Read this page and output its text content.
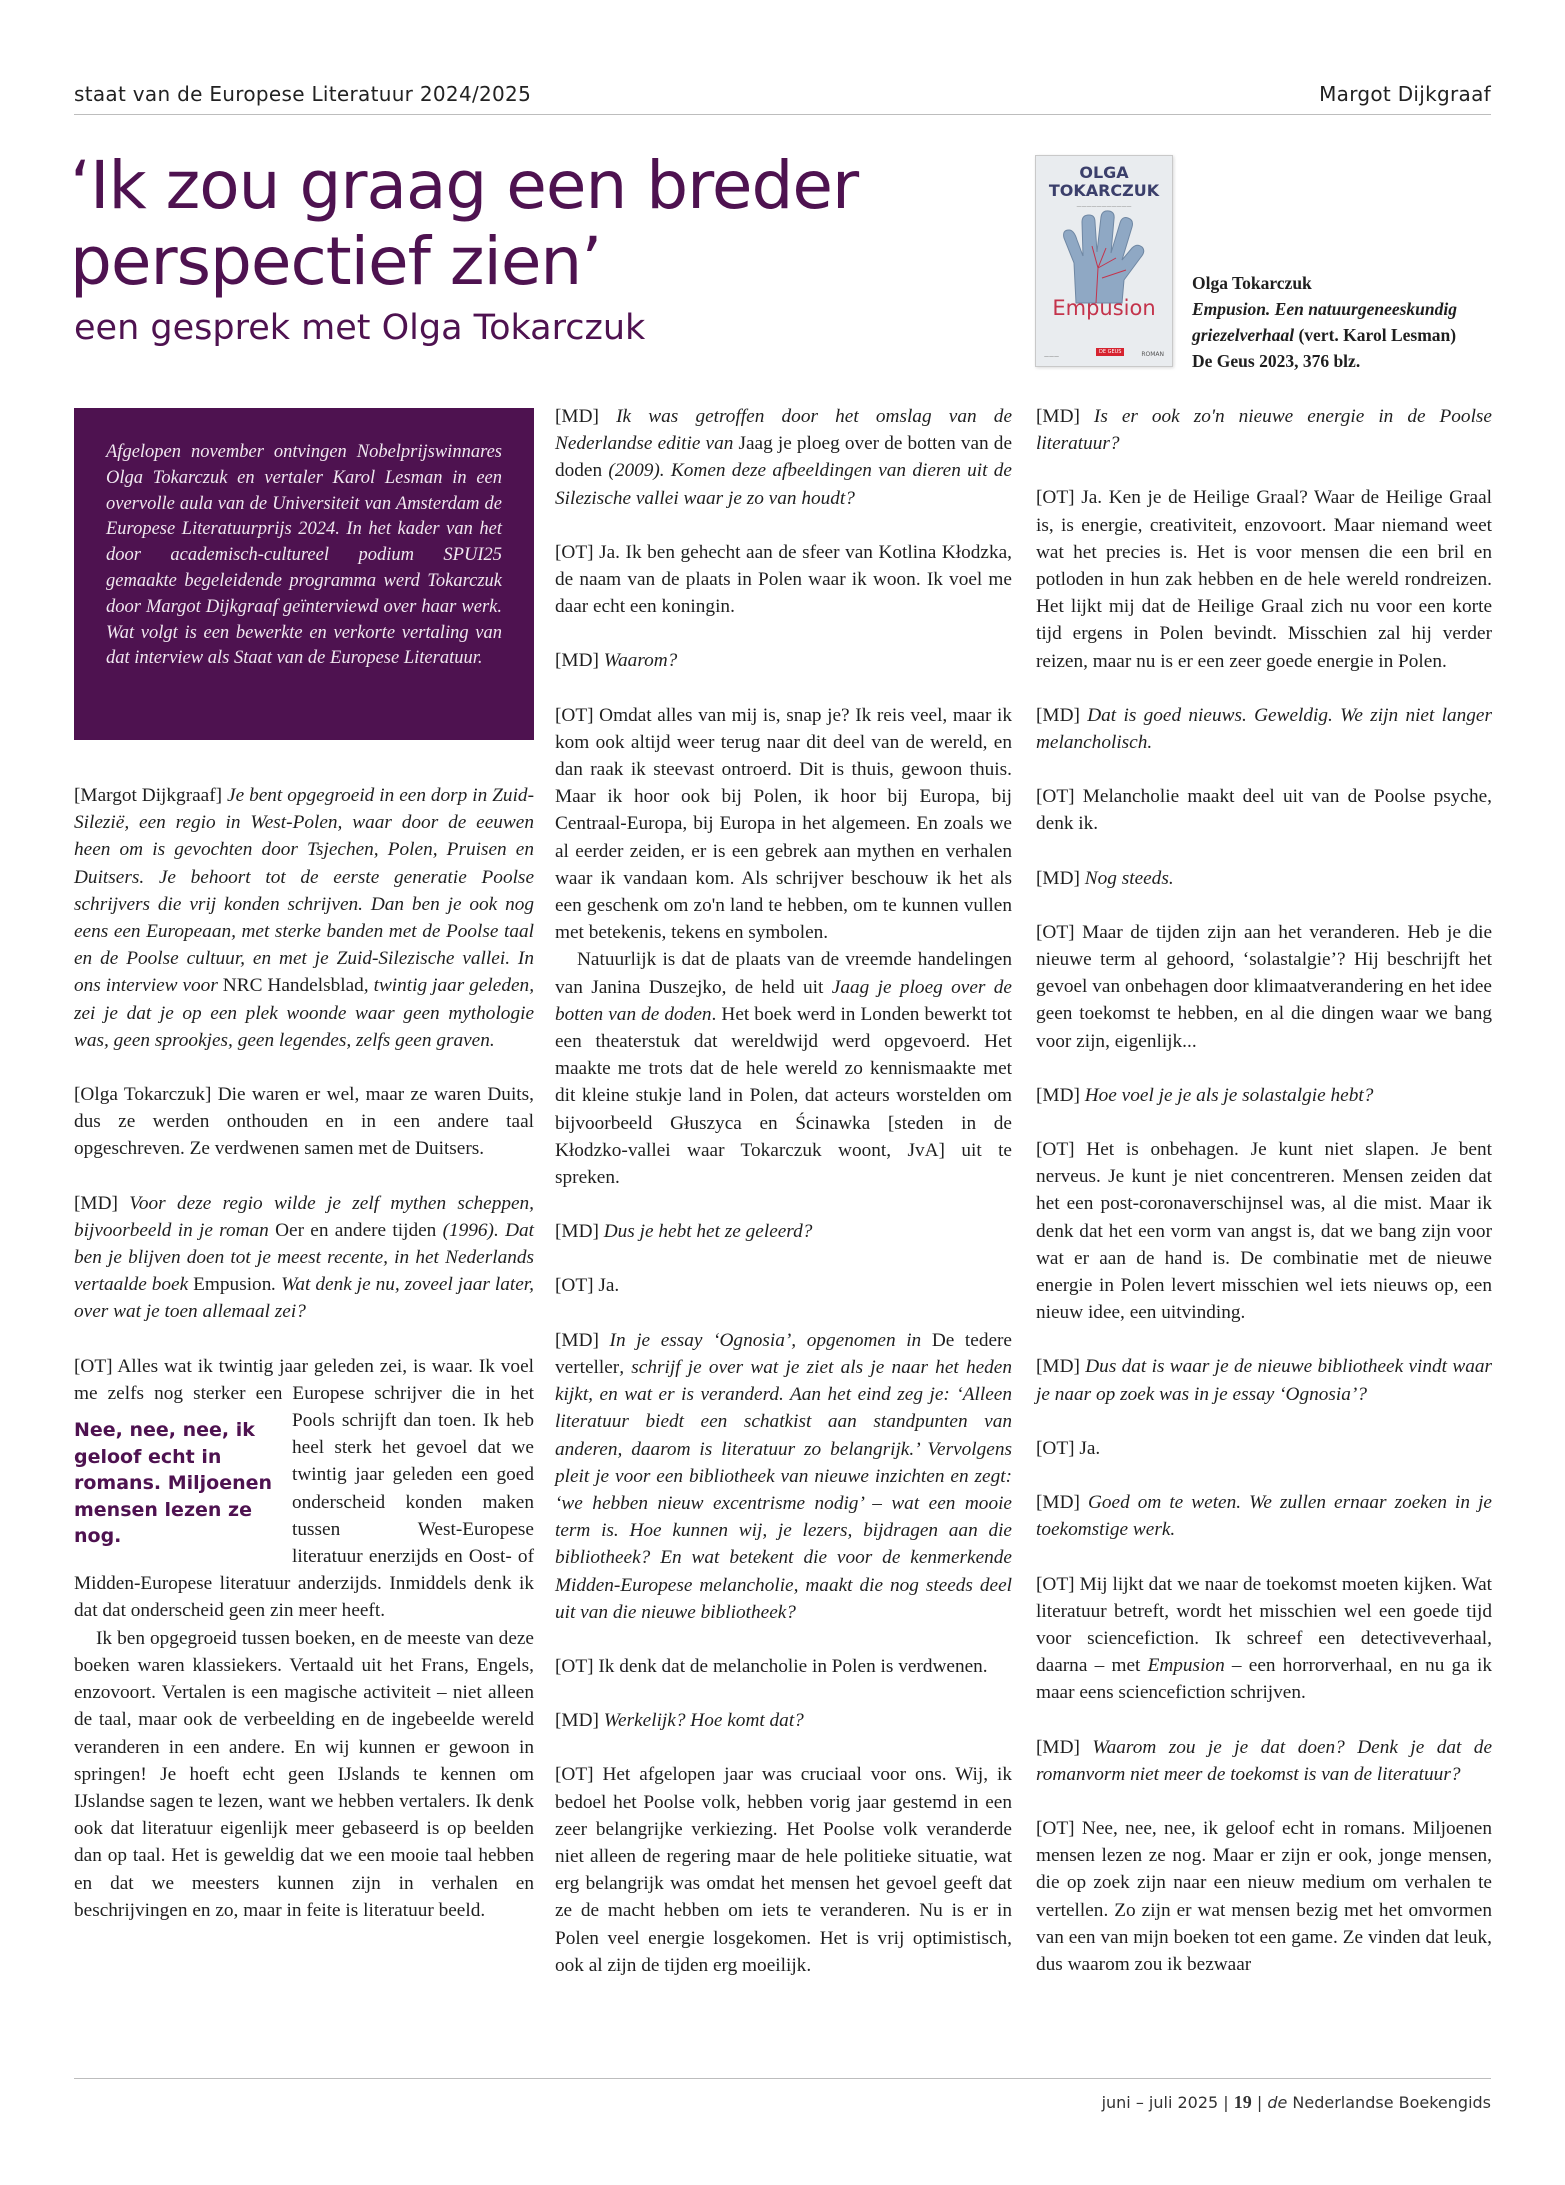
staat van de Europese Literatuur 2024/2025	Margot Dijkgraaf
‘Ik zou graag een breder perspectief zien’
een gesprek met Olga Tokarczuk
OLGA TOKARCZUK
———————————
Empusion
———
DE GEUS	ROMAN
Olga Tokarczuk
Empusion. Een natuurgeneeskundig griezelverhaal (vert. Karol Lesman)
De Geus 2023, 376 blz.

Afgelopen november ontvingen Nobelprijswinnares Olga Tokarczuk en vertaler Karol Lesman in een overvolle aula van de Universiteit van Amsterdam de Europese Literatuurprijs 2024. In het kader van het door academisch-cultureel podium SPUI25 gemaakte begeleidende programma werd Tokarczuk door Margot Dijkgraaf geïnterviewd over haar werk. Wat volgt is een bewerkte en verkorte vertaling van dat interview als Staat van de Europese Literatuur.

[Margot Dijkgraaf] Je bent opgegroeid in een dorp in Zuid-Silezië, een regio in West-Polen, waar door de eeuwen heen om is gevochten door Tsjechen, Polen, Pruisen en Duitsers. Je behoort tot de eerste generatie Poolse schrijvers die vrij konden schrijven. Dan ben je ook nog eens een Europeaan, met sterke banden met de Poolse taal en de Poolse cultuur, en met je Zuid-Silezische vallei. In ons interview voor NRC Handelsblad, twintig jaar geleden, zei je dat je op een plek woonde waar geen mythologie was, geen sprookjes, geen legendes, zelfs geen graven.

[Olga Tokarczuk] Die waren er wel, maar ze waren Duits, dus ze werden onthouden en in een andere taal opgeschreven. Ze verdwenen samen met de Duitsers.

[MD] Voor deze regio wilde je zelf mythen scheppen, bijvoorbeeld in je roman Oer en andere tijden (1996). Dat ben je blijven doen tot je meest recente, in het Nederlands vertaalde boek Empusion. Wat denk je nu, zoveel jaar later, over wat je toen allemaal zei?

[OT] Alles wat ik twintig jaar geleden zei, is waar. Ik voel me zelfs nog sterker een Europese schrijver die in
Nee, nee, nee, ik geloof echt in romans. Miljoenen mensen lezen ze nog.
het Pools schrijft dan toen. Ik heb heel sterk het gevoel dat we twintig jaar geleden een goed onderscheid konden maken tussen West-Europese literatuur enerzijds en Oost- of Midden-Europese literatuur anderzijds. Inmiddels denk ik dat dat onderscheid geen zin meer heeft.

Ik ben opgegroeid tussen boeken, en de meeste van deze boeken waren klassiekers. Vertaald uit het Frans, Engels, enzovoort. Vertalen is een magische activiteit – niet alleen de taal, maar ook de verbeelding en de ingebeelde wereld veranderen in een andere. En wij kunnen er gewoon in springen! Je hoeft echt geen IJslands te kennen om IJslandse sagen te lezen, want we hebben vertalers. Ik denk ook dat literatuur eigenlijk meer gebaseerd is op beelden dan op taal. Het is geweldig dat we een mooie taal hebben en dat we meesters kunnen zijn in verhalen en beschrijvingen en zo, maar in feite is literatuur beeld.

[MD] Ik was getroffen door het omslag van de Nederlandse editie van Jaag je ploeg over de botten van de doden (2009). Komen deze afbeeldingen van dieren uit de Silezische vallei waar je zo van houdt?

[OT] Ja. Ik ben gehecht aan de sfeer van Kotlina Kłodzka, de naam van de plaats in Polen waar ik woon. Ik voel me daar echt een koningin.

[MD] Waarom?

[OT] Omdat alles van mij is, snap je? Ik reis veel, maar ik kom ook altijd weer terug naar dit deel van de wereld, en dan raak ik steevast ontroerd. Dit is thuis, gewoon thuis. Maar ik hoor ook bij Polen, ik hoor bij Europa, bij Centraal-Europa, bij Europa in het algemeen. En zoals we al eerder zeiden, er is een gebrek aan mythen en verhalen waar ik vandaan kom. Als schrijver beschouw ik het als een geschenk om zo'n land te hebben, om te kunnen vullen met betekenis, tekens en symbolen.

Natuurlijk is dat de plaats van de vreemde handelingen van Janina Duszejko, de held uit Jaag je ploeg over de botten van de doden. Het boek werd in Londen bewerkt tot een theaterstuk dat wereldwijd werd opgevoerd. Het maakte me trots dat de hele wereld zo kennismaakte met dit kleine stukje land in Polen, dat acteurs worstelden om bijvoorbeeld Głuszyca en Ścinawka [steden in de Kłodzko-vallei waar Tokarczuk woont, JvA] uit te spreken.

[MD] Dus je hebt het ze geleerd?

[OT] Ja.

[MD] In je essay ‘Ognosia’, opgenomen in De tedere verteller, schrijf je over wat je ziet als je naar het heden kijkt, en wat er is veranderd. Aan het eind zeg je: ‘Alleen literatuur biedt een schatkist aan standpunten van anderen, daarom is literatuur zo belangrijk.’ Vervolgens pleit je voor een bibliotheek van nieuwe inzichten en zegt: ‘we hebben nieuw excentrisme nodig’ – wat een mooie term is. Hoe kunnen wij, je lezers, bijdragen aan die bibliotheek? En wat betekent die voor de kenmerkende Midden-Europese melancholie, maakt die nog steeds deel uit van die nieuwe bibliotheek?

[OT] Ik denk dat de melancholie in Polen is verdwenen.

[MD] Werkelijk? Hoe komt dat?

[OT] Het afgelopen jaar was cruciaal voor ons. Wij, ik bedoel het Poolse volk, hebben vorig jaar gestemd in een zeer belangrijke verkiezing. Het Poolse volk veranderde niet alleen de regering maar de hele politieke situatie, wat erg belangrijk was omdat het mensen het gevoel geeft dat ze de macht hebben om iets te veranderen. Nu is er in Polen veel energie losgekomen. Het is vrij optimistisch, ook al zijn de tijden erg moeilijk.

[MD] Is er ook zo'n nieuwe energie in de Poolse literatuur?

[OT] Ja. Ken je de Heilige Graal? Waar de Heilige Graal is, is energie, creativiteit, enzovoort. Maar niemand weet wat het precies is. Het is voor mensen die een bril en potloden in hun zak hebben en de hele wereld rondreizen. Het lijkt mij dat de Heilige Graal zich nu voor een korte tijd ergens in Polen bevindt. Misschien zal hij verder reizen, maar nu is er een zeer goede energie in Polen.

[MD] Dat is goed nieuws. Geweldig. We zijn niet langer melancholisch.

[OT] Melancholie maakt deel uit van de Poolse psyche, denk ik.

[MD] Nog steeds.

[OT] Maar de tijden zijn aan het veranderen. Heb je die nieuwe term al gehoord, ‘solastalgie’? Hij beschrijft het gevoel van onbehagen door klimaatverandering en het idee geen toekomst te hebben, en al die dingen waar we bang voor zijn, eigenlijk...

[MD] Hoe voel je je als je solastalgie hebt?

[OT] Het is onbehagen. Je kunt niet slapen. Je bent nerveus. Je kunt je niet concentreren. Mensen zeiden dat het een post-coronaverschijnsel was, al die mist. Maar ik denk dat het een vorm van angst is, dat we bang zijn voor wat er aan de hand is. De combinatie met de nieuwe energie in Polen levert misschien wel iets nieuws op, een nieuw idee, een uitvinding.

[MD] Dus dat is waar je de nieuwe bibliotheek vindt waar je naar op zoek was in je essay ‘Ognosia’?

[OT] Ja.

[MD] Goed om te weten. We zullen ernaar zoeken in je toekomstige werk.

[OT] Mij lijkt dat we naar de toekomst moeten kijken. Wat literatuur betreft, wordt het misschien wel een goede tijd voor sciencefiction. Ik schreef een detectiveverhaal, daarna – met Empusion – een horrorverhaal, en nu ga ik maar eens sciencefiction schrijven.

[MD] Waarom zou je je dat doen? Denk je dat de romanvorm niet meer de toekomst is van de literatuur?

[OT] Nee, nee, nee, ik geloof echt in romans. Miljoenen mensen lezen ze nog. Maar er zijn er ook, jonge mensen, die op zoek zijn naar een nieuw medium om verhalen te vertellen. Zo zijn er wat mensen bezig met het omvormen van een van mijn boeken tot een game. Ze vinden dat leuk, dus waarom zou ik bezwaar

juni – juli 2025 | 19 | de Nederlandse Boekengids
